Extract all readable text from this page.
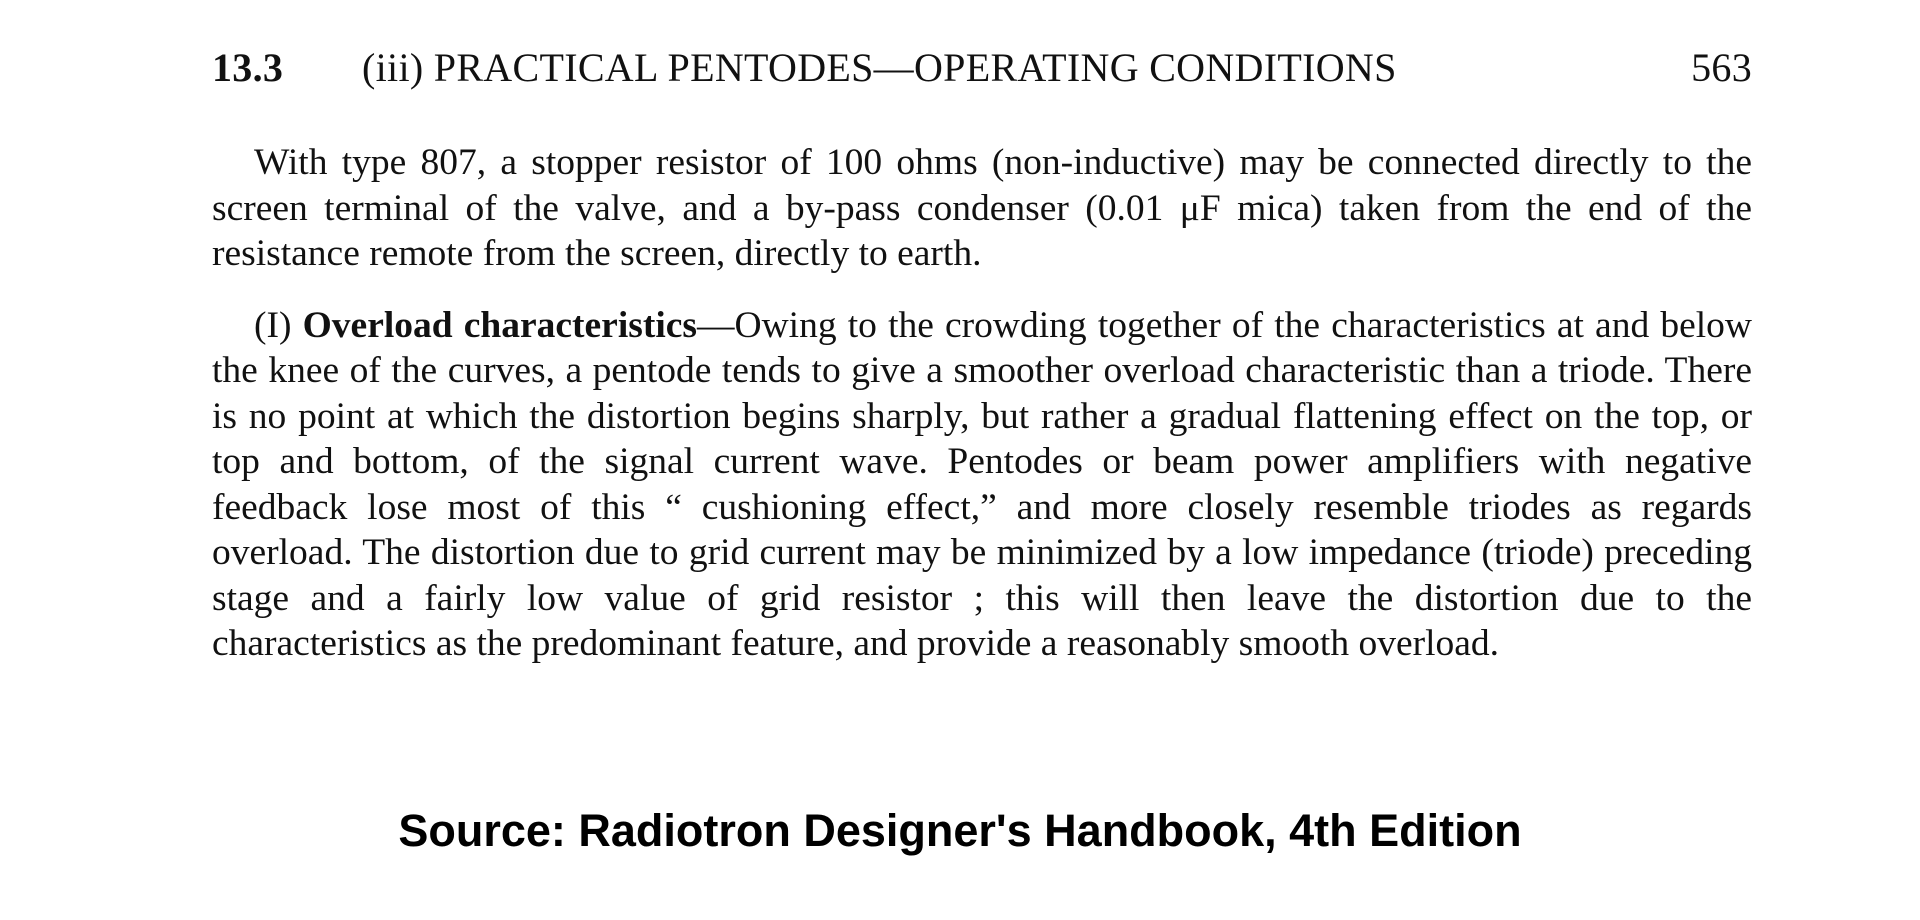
13.3	(iii) PRACTICAL PENTODES—OPERATING CONDITIONS	563

With type 807, a stopper resistor of 100 ohms (non-inductive) may be connected directly to the screen terminal of the valve, and a by-pass condenser (0.01 μF mica) taken from the end of the resistance remote from the screen, directly to earth.

(I) Overload characteristics—Owing to the crowding together of the characteristics at and below the knee of the curves, a pentode tends to give a smoother overload characteristic than a triode. There is no point at which the distortion begins sharply, but rather a gradual flattening effect on the top, or top and bottom, of the signal current wave. Pentodes or beam power amplifiers with negative feedback lose most of this “ cushioning effect,” and more closely resemble triodes as regards overload. The distortion due to grid current may be minimized by a low impedance (triode) preceding stage and a fairly low value of grid resistor ; this will then leave the distortion due to the characteristics as the predominant feature, and provide a reasonably smooth overload.

Source: Radiotron Designer's Handbook, 4th Edition
